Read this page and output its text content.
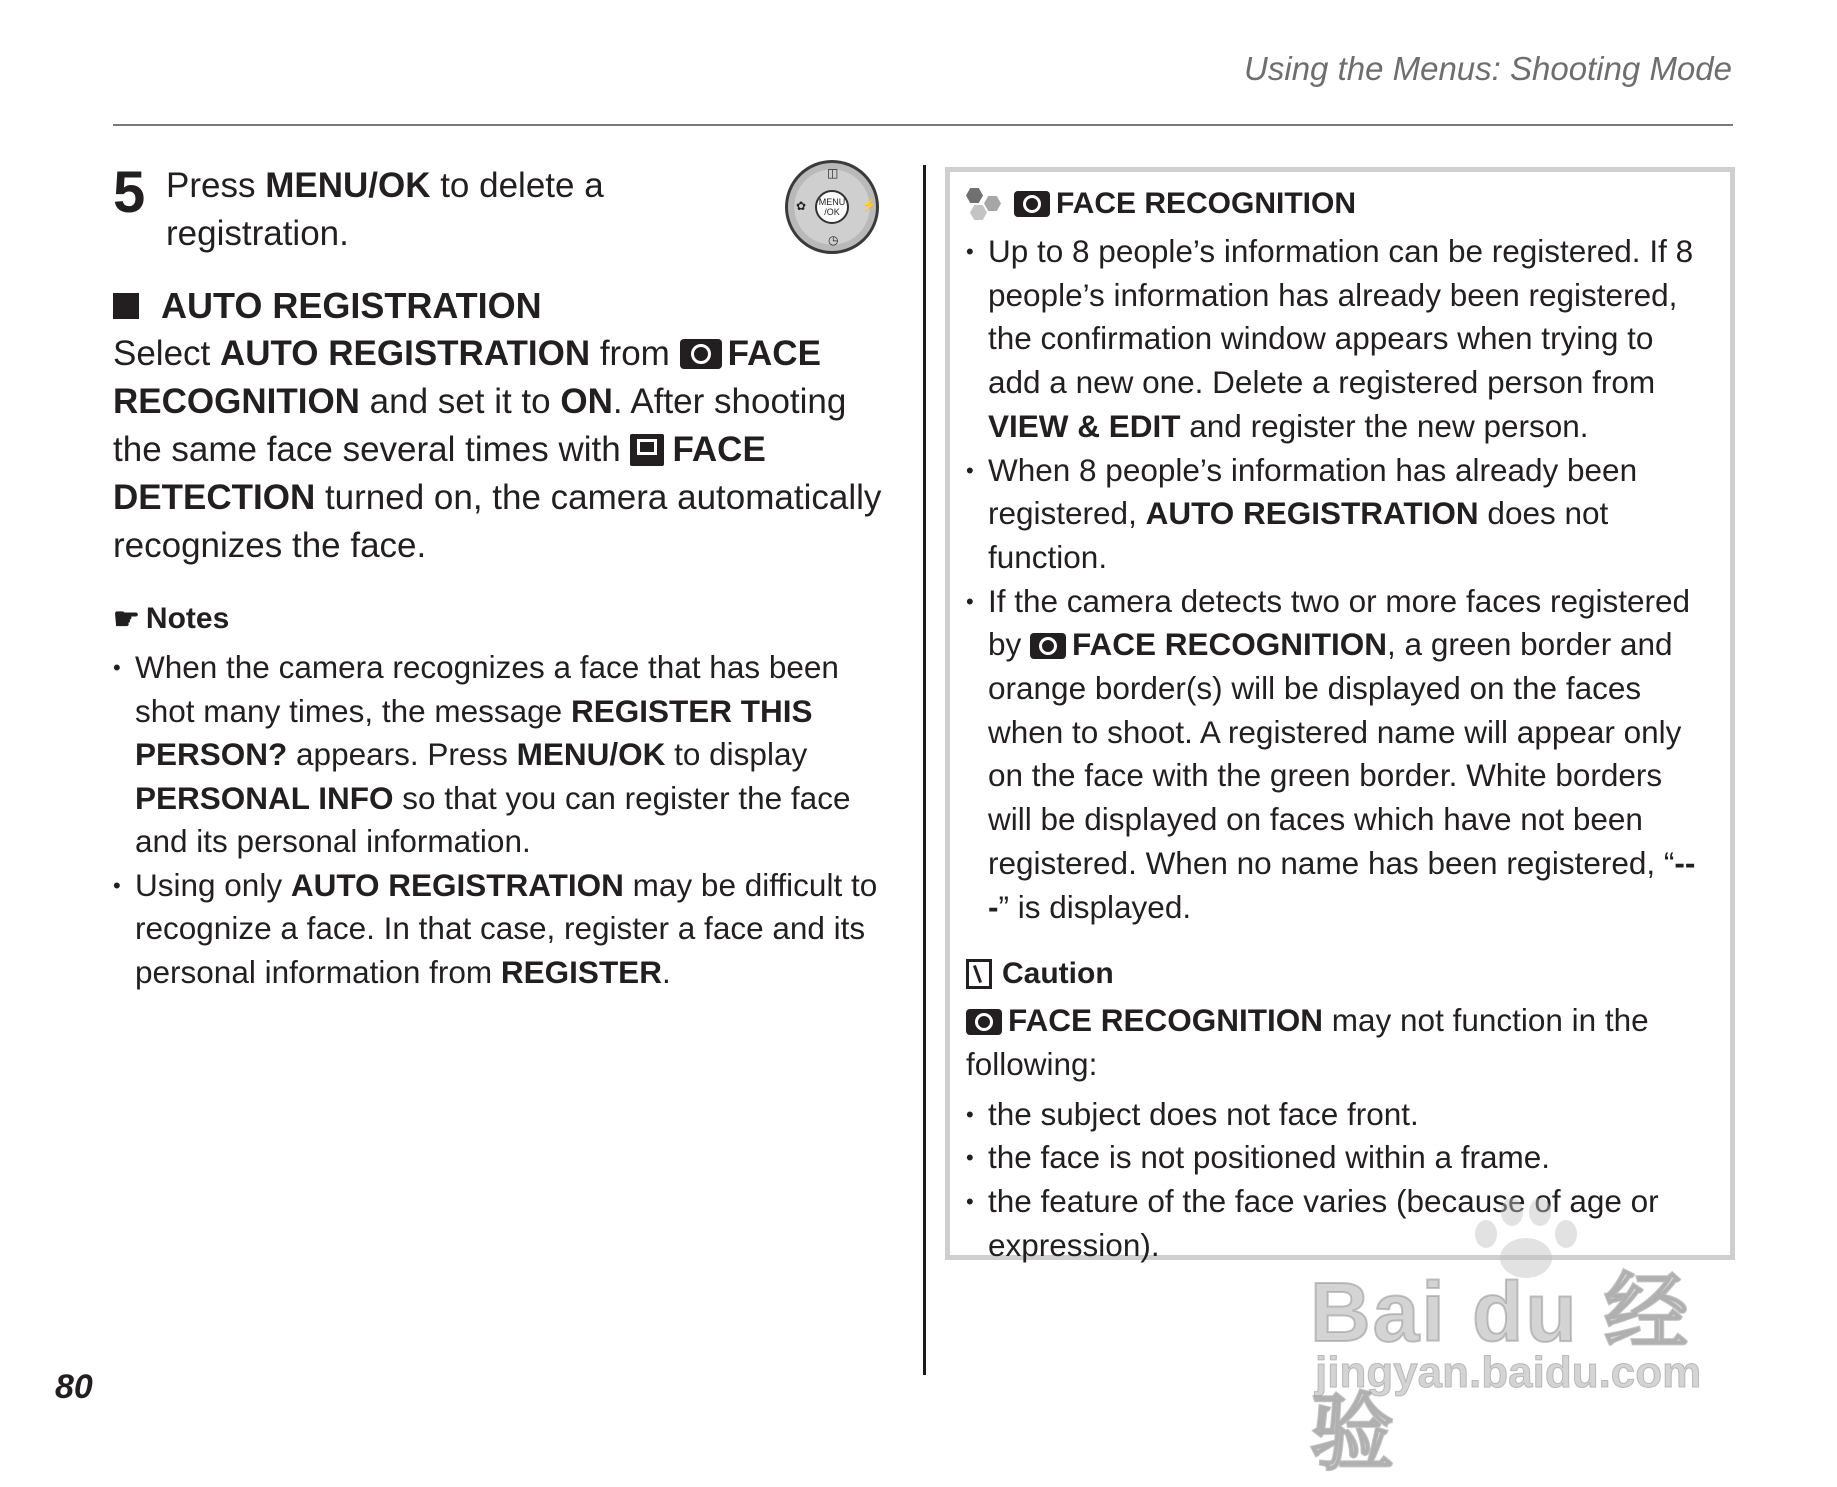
Using the Menus: Shooting Mode
5 Press MENU/OK to delete a registration.
◫
✿	⚡
◷
MENU /OK
AUTO REGISTRATION
Select AUTO REGISTRATION from FACE RECOGNITION and set it to ON. After shooting the same face several times with FACE DETECTION turned on, the camera automatically recognizes the face.
☛ Notes
• When the camera recognizes a face that has been shot many times, the message REGISTER THIS PERSON? appears. Press MENU/OK to display PERSONAL INFO so that you can register the face and its personal information.
• Using only AUTO REGISTRATION may be difficult to recognize a face. In that case, register a face and its personal information from REGISTER.
FACE RECOGNITION
• Up to 8 people’s information can be registered. If 8 people’s information has already been registered, the confirmation window appears when trying to add a new one. Delete a registered person from VIEW & EDIT and register the new person.
• When 8 people’s information has already been registered, AUTO REGISTRATION does not function.
• If the camera detects two or more faces registered by FACE RECOGNITION, a green border and orange border(s) will be displayed on the faces when to shoot. A registered name will appear only on the face with the green border. White borders will be displayed on faces which have not been registered. When no name has been registered, “---” is displayed.
Caution
FACE RECOGNITION may not function in the following:
• the subject does not face front.
• the face is not positioned within a frame.
• the feature of the face varies (because of age or expression).
80
Bai du 经验
jingyan.baidu.com
